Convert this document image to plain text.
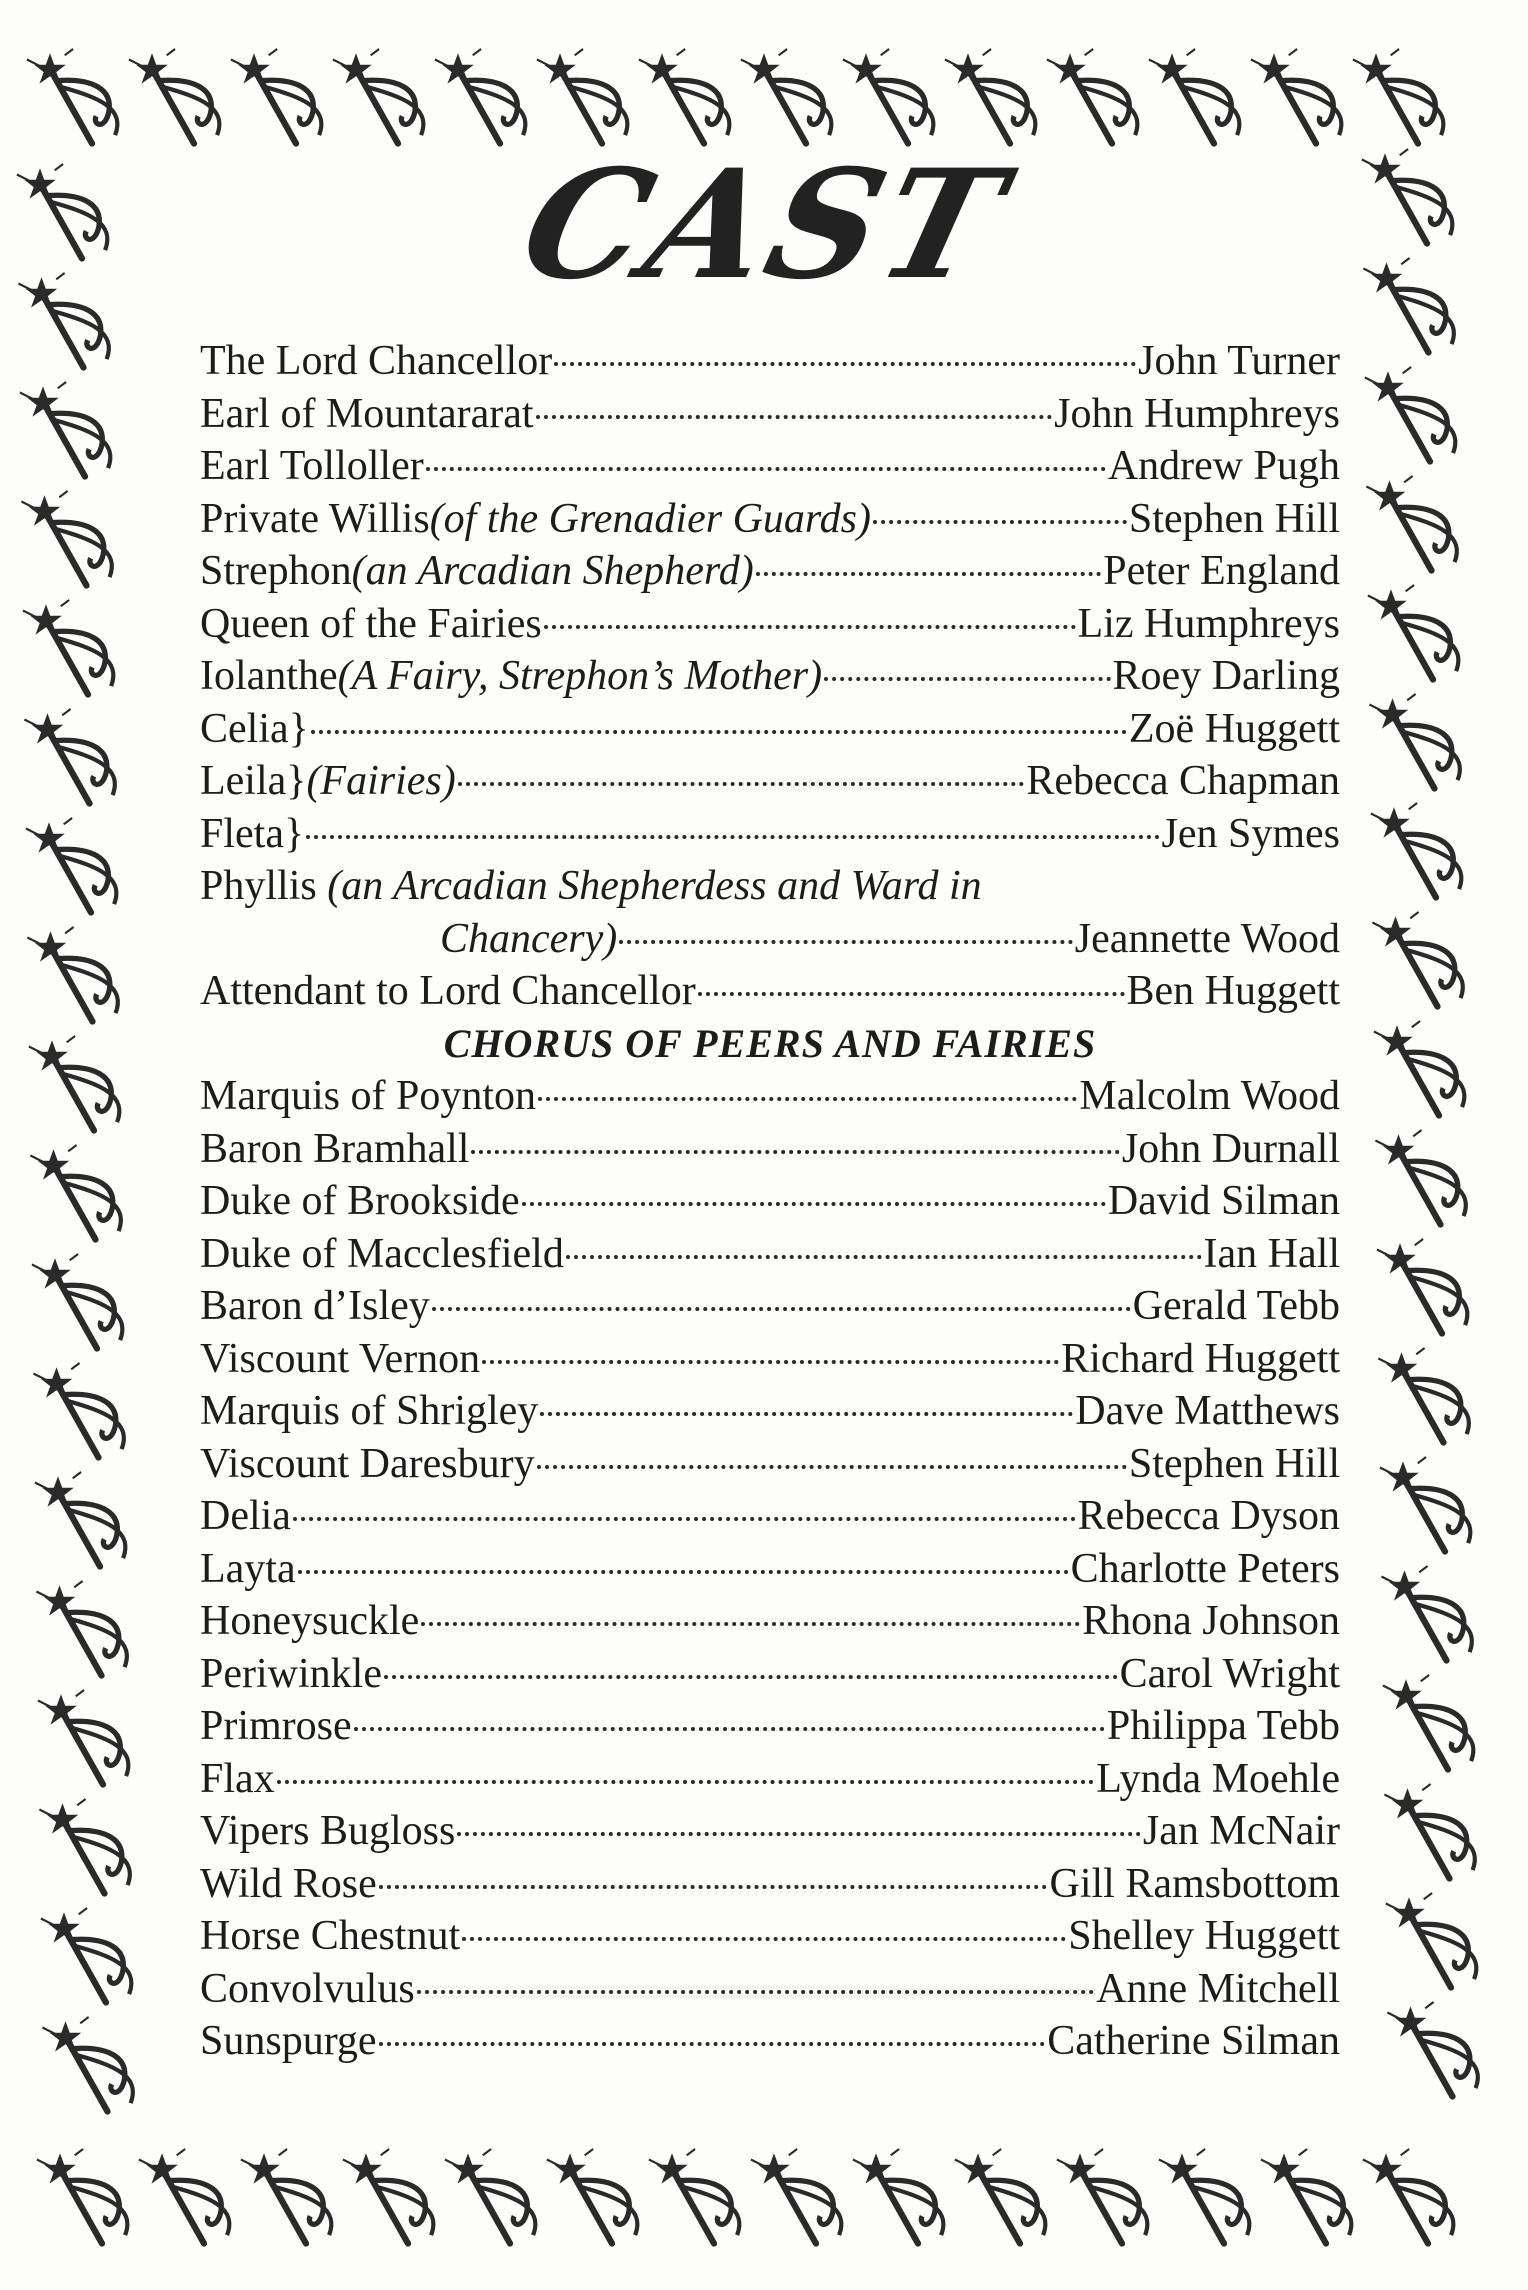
CAST
The Lord Chancellor	John Turner
Earl of Mountararat	John Humphreys
Earl Tolloller	Andrew Pugh
Private Willis (of the Grenadier Guards)	Stephen Hill
Strephon (an Arcadian Shepherd)	Peter England
Queen of the Fairies	Liz Humphreys
Iolanthe (A Fairy, Strephon’s Mother)	Roey Darling
Celia}	Zoë Huggett
Leila} (Fairies)	Rebecca Chapman
Fleta}	Jen Symes
Phyllis (an Arcadian Shepherdess and Ward in
Chancery)	Jeannette Wood
Attendant to Lord Chancellor	Ben Huggett
CHORUS OF PEERS AND FAIRIES
Marquis of Poynton	Malcolm Wood
Baron Bramhall	John Durnall
Duke of Brookside	David Silman
Duke of Macclesfield	Ian Hall
Baron d’Isley	Gerald Tebb
Viscount Vernon	Richard Huggett
Marquis of Shrigley	Dave Matthews
Viscount Daresbury	Stephen Hill
Delia	Rebecca Dyson
Layta	Charlotte Peters
Honeysuckle	Rhona Johnson
Periwinkle	Carol Wright
Primrose	Philippa Tebb
Flax	Lynda Moehle
Vipers Bugloss	Jan McNair
Wild Rose	Gill Ramsbottom
Horse Chestnut	Shelley Huggett
Convolvulus	Anne Mitchell
Sunspurge	Catherine Silman
